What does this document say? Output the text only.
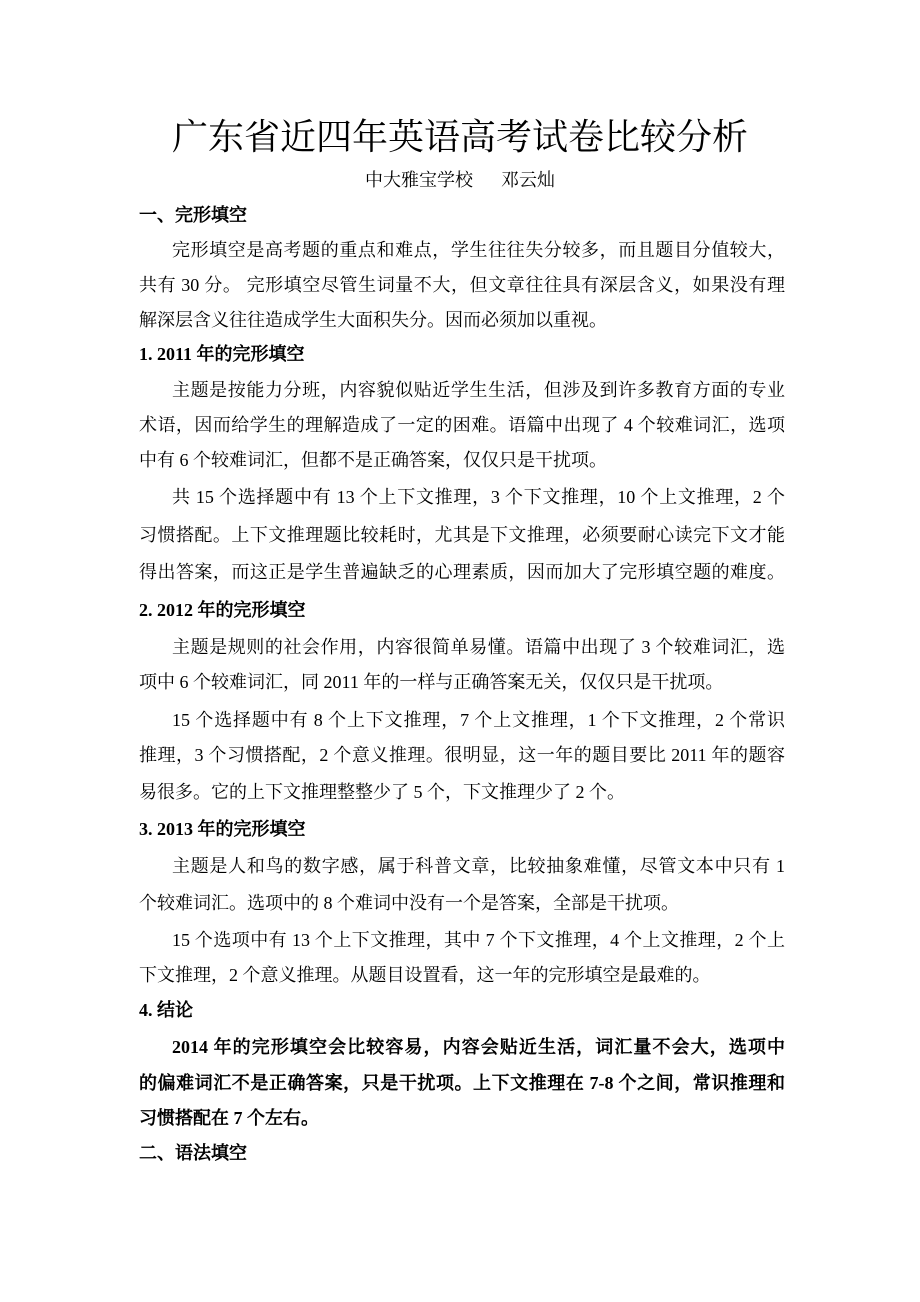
广东省近四年英语高考试卷比较分析
中大雅宝学校 邓云灿
一、完形填空
完形填空是高考题的重点和难点，学生往往失分较多，而且题目分值较大，
共有 30 分。 完形填空尽管生词量不大，但文章往往具有深层含义，如果没有理
解深层含义往往造成学生大面积失分。因而必须加以重视。
1. 2011 年的完形填空
主题是按能力分班，内容貌似贴近学生生活，但涉及到许多教育方面的专业
术语，因而给学生的理解造成了一定的困难。语篇中出现了 4 个较难词汇，选项
中有 6 个较难词汇，但都不是正确答案，仅仅只是干扰项。
共 15 个选择题中有 13 个上下文推理，3 个下文推理，10 个上文推理，2 个
习惯搭配。上下文推理题比较耗时，尤其是下文推理，必须要耐心读完下文才能
得出答案，而这正是学生普遍缺乏的心理素质，因而加大了完形填空题的难度。
2. 2012 年的完形填空
主题是规则的社会作用，内容很简单易懂。语篇中出现了 3 个较难词汇，选
项中 6 个较难词汇，同 2011 年的一样与正确答案无关，仅仅只是干扰项。
15 个选择题中有 8 个上下文推理，7 个上文推理，1 个下文推理，2 个常识
推理，3 个习惯搭配，2 个意义推理。很明显，这一年的题目要比 2011 年的题容
易很多。它的上下文推理整整少了 5 个，下文推理少了 2 个。
3. 2013 年的完形填空
主题是人和鸟的数字感，属于科普文章，比较抽象难懂，尽管文本中只有 1
个较难词汇。选项中的 8 个难词中没有一个是答案，全部是干扰项。
15 个选项中有 13 个上下文推理，其中 7 个下文推理，4 个上文推理，2 个上
下文推理，2 个意义推理。从题目设置看，这一年的完形填空是最难的。
4. 结论
2014 年的完形填空会比较容易，内容会贴近生活，词汇量不会大，选项中
的偏难词汇不是正确答案，只是干扰项。上下文推理在 7-8 个之间，常识推理和
习惯搭配在 7 个左右。
二、语法填空
